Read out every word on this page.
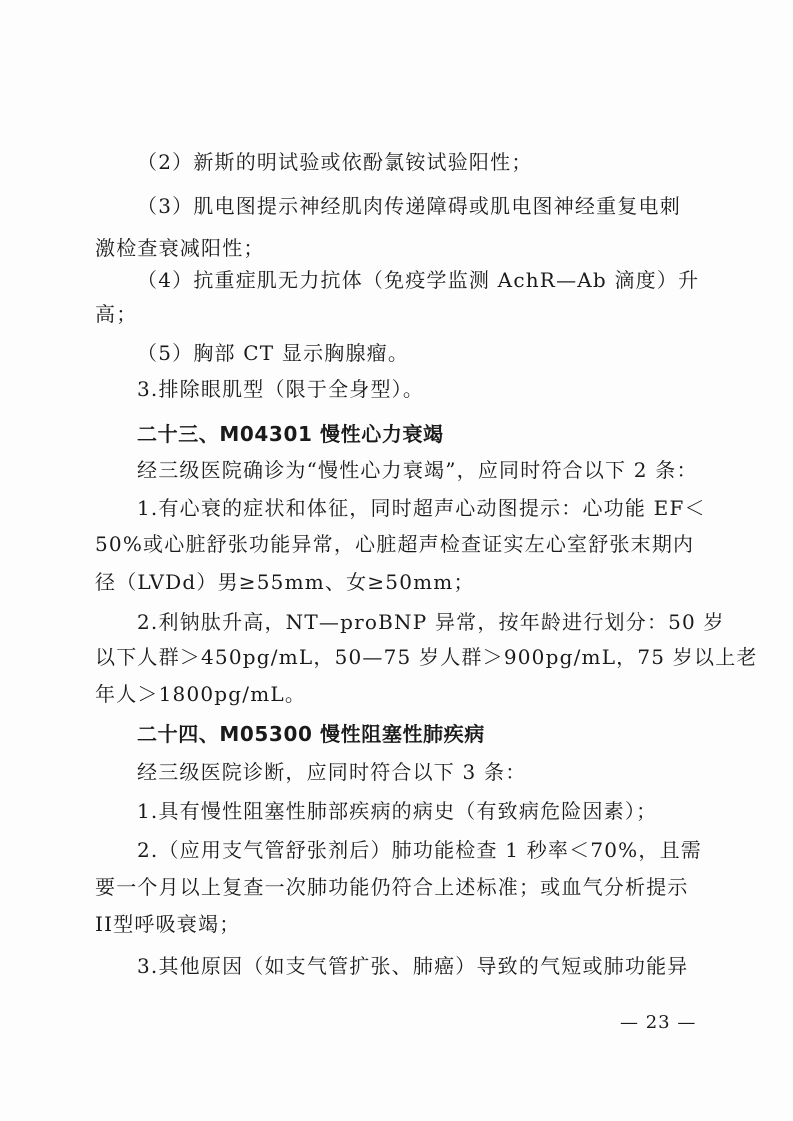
（2）新斯的明试验或依酚氯铵试验阳性；
（3）肌电图提示神经肌肉传递障碍或肌电图神经重复电刺
激检查衰减阳性；
（4）抗重症肌无力抗体（免疫学监测 AchR—Ab 滴度）升
高；
（5）胸部 CT 显示胸腺瘤。
3.排除眼肌型（限于全身型）。
二十三、M04301 慢性心力衰竭
经三级医院确诊为“慢性心力衰竭”，应同时符合以下 2 条：
1.有心衰的症状和体征，同时超声心动图提示：心功能 EF＜
50%或心脏舒张功能异常，心脏超声检查证实左心室舒张末期内
径（LVDd）男≥55mm、女≥50mm；
2.利钠肽升高，NT—proBNP 异常，按年龄进行划分：50 岁
以下人群＞450pg/mL，50—75 岁人群＞900pg/mL，75 岁以上老
年人＞1800pg/mL。
二十四、M05300 慢性阻塞性肺疾病
经三级医院诊断，应同时符合以下 3 条：
1.具有慢性阻塞性肺部疾病的病史（有致病危险因素）；
2.（应用支气管舒张剂后）肺功能检查 1 秒率＜70%，且需
要一个月以上复查一次肺功能仍符合上述标准；或血气分析提示
II型呼吸衰竭；
3.其他原因（如支气管扩张、肺癌）导致的气短或肺功能异
— 23 —
